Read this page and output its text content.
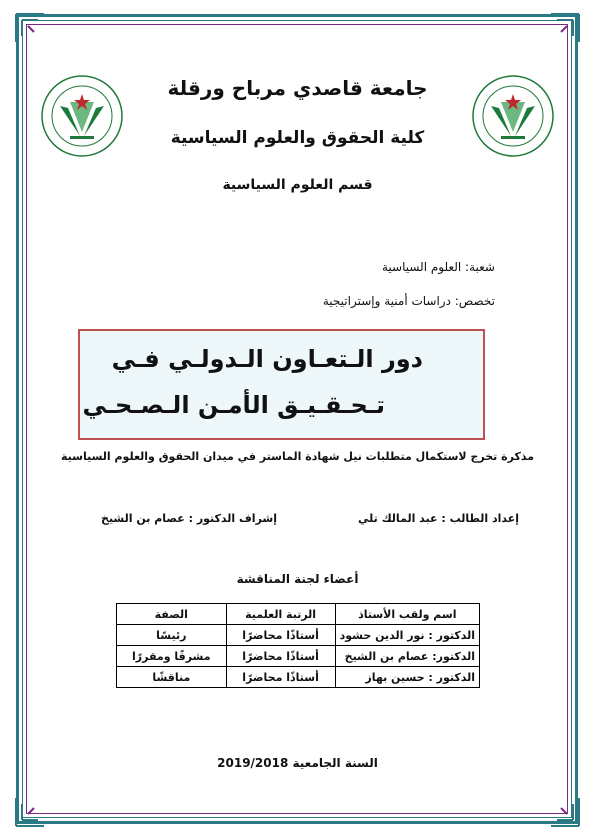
جامعة قاصدي مرباح ورقلة
كلية الحقوق والعلوم السياسية
قسم العلوم السياسية
شعبة: العلوم السياسية
تخصص: دراسات أمنية وإستراتيجية
دور الـتعـاون الـدولـي فـي
تـحـقـيـق الأمـن الـصـحـي
مذكرة تخرج لاستكمال متطلبات نيل شهادة الماستر في ميدان الحقوق والعلوم السياسية
إعداد الطالب : عبد المالك تلي
إشراف الدكتور : عصام بن الشيخ
أعضاء لجنة المناقشة
اسم ولقب الأستاذ	الرتبة العلمية	الصفة
الدكتور : نور الدين حشود	أستاذًا محاضرًا	رئيسًا
الدكتور: عصام بن الشيخ	أستاذًا محاضرًا	مشرفًا ومقررًا
الدكتور : حسين بهاز	أستاذًا محاضرًا	مناقشًا
السنة الجامعية 2019/2018
